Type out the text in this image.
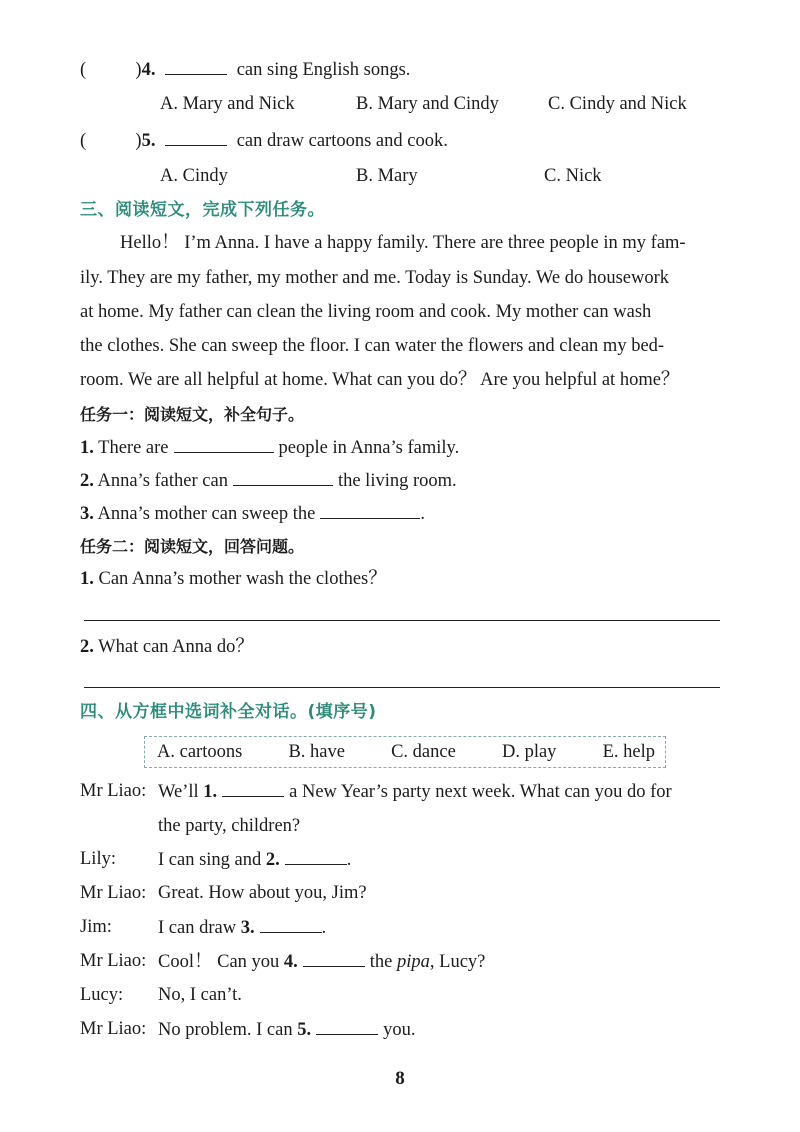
(	)4.	can sing English songs.
A. Mary and Nick	B. Mary and Cindy	C. Cindy and Nick
(	)5.	can draw cartoons and cook.
A. Cindy	B. Mary	C. Nick
三、阅读短文，完成下列任务。
Hello！ I’m Anna. I have a happy family. There are three people in my fam-
ily. They are my father, my mother and me. Today is Sunday. We do housework
at home. My father can clean the living room and cook. My mother can wash
the clothes. She can sweep the floor. I can water the flowers and clean my bed-
room. We are all helpful at home. What can you do？ Are you helpful at home？
任务一：阅读短文，补全句子。
1. There are	people in Anna’s family.
2. Anna’s father can	the living room.
3. Anna’s mother can sweep the	.
任务二：阅读短文，回答问题。
1. Can Anna’s mother wash the clothes？
2. What can Anna do？
四、从方框中选词补全对话。(填序号)
A. cartoons B. have C. dance D. play E. help
Mr Liao: We’ll 1.	a New Year’s party next week. What can you do for
the party, children?
Lily: I can sing and 2.	.
Mr Liao: Great. How about you, Jim?
Jim: I can draw 3.	.
Mr Liao: Cool！ Can you 4.	the pipa, Lucy?
Lucy: No, I can’t.
Mr Liao: No problem. I can 5.	you.
8
